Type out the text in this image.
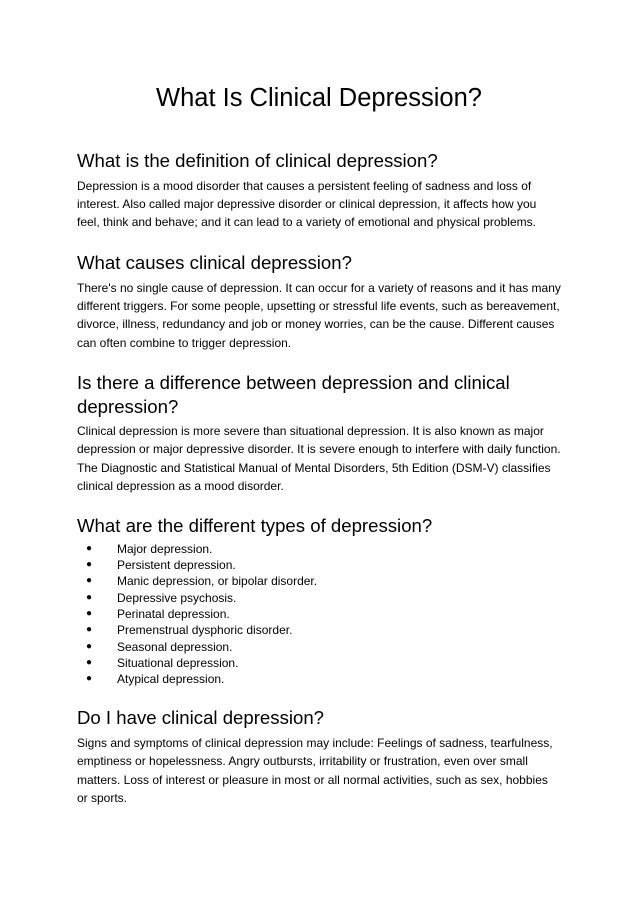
What Is Clinical Depression?
What is the definition of clinical depression?

Depression is a mood disorder that causes a persistent feeling of sadness and loss of interest. Also called major depressive disorder or clinical depression, it affects how you feel, think and behave; and it can lead to a variety of emotional and physical problems.

What causes clinical depression?

There's no single cause of depression. It can occur for a variety of reasons and it has many different triggers. For some people, upsetting or stressful life events, such as bereavement, divorce, illness, redundancy and job or money worries, can be the cause. Different causes can often combine to trigger depression.

Is there a difference between depression and clinical depression?

Clinical depression is more severe than situational depression. It is also known as major depression or major depressive disorder. It is severe enough to interfere with daily function. The Diagnostic and Statistical Manual of Mental Disorders, 5th Edition (DSM-V) classifies clinical depression as a mood disorder.

What are the different types of depression?
● Major depression.
● Persistent depression.
● Manic depression, or bipolar disorder.
● Depressive psychosis.
● Perinatal depression.
● Premenstrual dysphoric disorder.
● Seasonal depression.
● Situational depression.
● Atypical depression.
Do I have clinical depression?

Signs and symptoms of clinical depression may include: Feelings of sadness, tearfulness, emptiness or hopelessness. Angry outbursts, irritability or frustration, even over small matters. Loss of interest or pleasure in most or all normal activities, such as sex, hobbies or sports.
